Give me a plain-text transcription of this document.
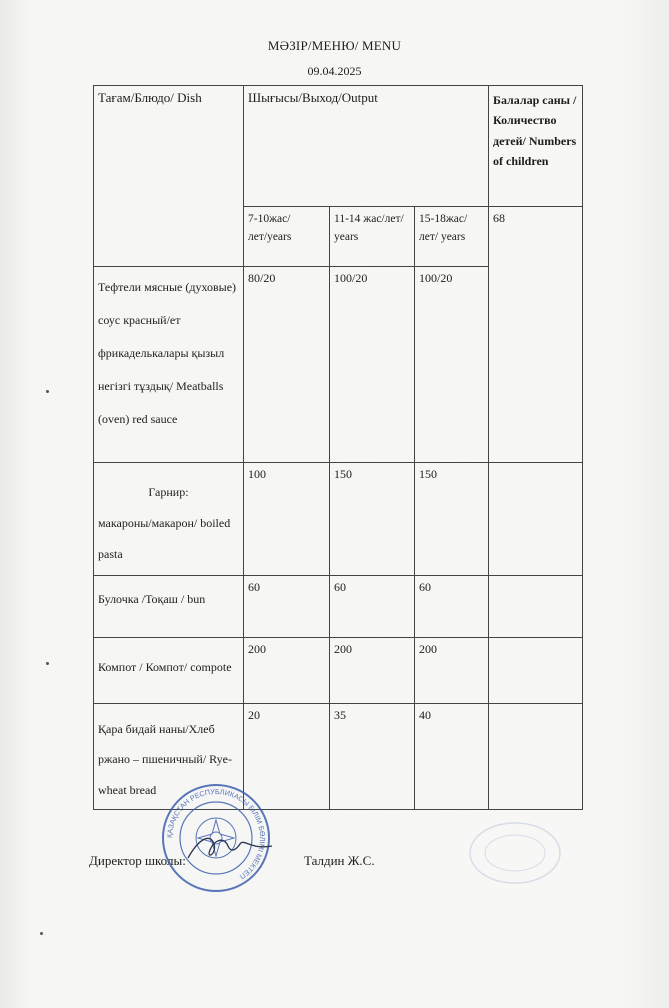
МӘЗІР/МЕНЮ/ MENU
09.04.2025
Тағам/Блюдо/ Dish	Шығысы/Выход/Output			Балалар саны /Количество детей/ Numbers of children
	7-10жас/лет/years	11-14 жас/лет/ years	15-18жас/лет/ years	68
Тефтели мясные (духовые) соус красный/ет фрикаделькалары қызыл негізгі тұздық/ Meatballs (oven) red sauce	80/20	100/20	100/20	

Гарнир:
макароны/макарон/ boiled pasta	100	150	150	
Булочка /Тоқаш / bun	60	60	60	
Компот / Компот/ compote	200	200	200	
Қара бидай наны/Хлеб ржано – пшеничный/ Rye-wheat bread	20	35	40	
ҚАЗАҚСТАН РЕСПУБЛИКАСЫ БІЛІМ БӨЛІМІ МЕКТЕП
Директор школы:	Талдин Ж.С.
